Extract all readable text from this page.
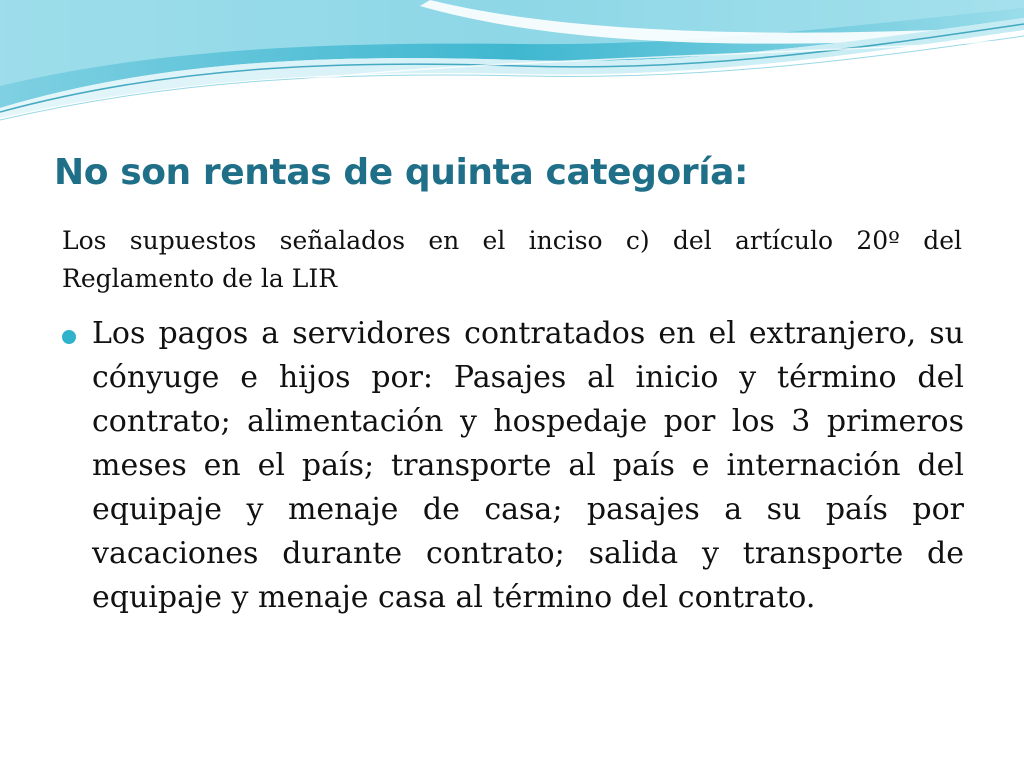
No son rentas de quinta categoría:

Los supuestos señalados en el inciso c) del artículo 20º del Reglamento de la LIR

Los pagos a servidores contratados en el extranjero, su cónyuge e hijos por: Pasajes al inicio y término del contrato; alimentación y hospedaje por los 3 primeros meses en el país; transporte al país e internación del equipaje y menaje de casa; pasajes a su país por vacaciones durante contrato; salida y transporte de equipaje y menaje casa al término del contrato.
